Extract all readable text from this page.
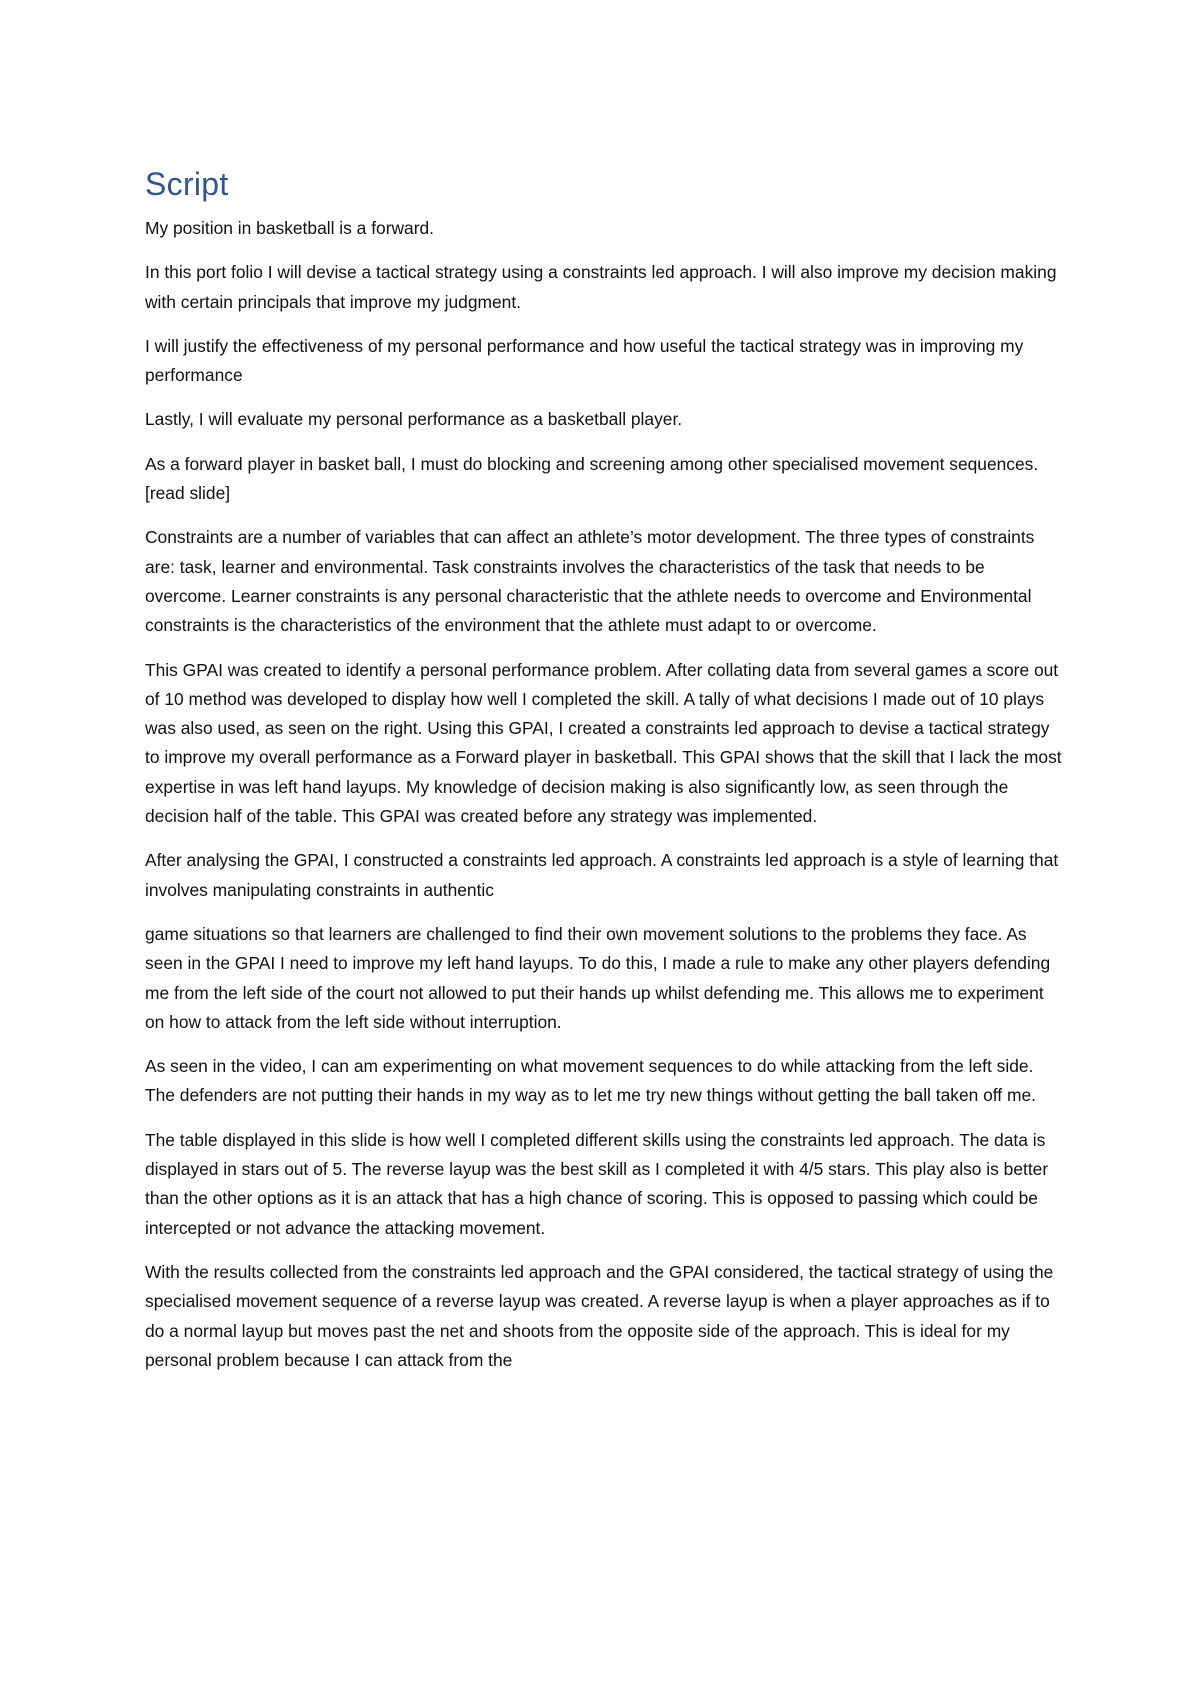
Script

My position in basketball is a forward.

In this port folio I will devise a tactical strategy using a constraints led approach. I will also improve my decision making with certain principals that improve my judgment.

I will justify the effectiveness of my personal performance and how useful the tactical strategy was in improving my performance

Lastly, I will evaluate my personal performance as a basketball player.

As a forward player in basket ball, I must do blocking and screening among other specialised movement sequences. [read slide]

Constraints are a number of variables that can affect an athlete’s motor development. The three types of constraints are: task, learner and environmental. Task constraints involves the characteristics of the task that needs to be overcome. Learner constraints is any personal characteristic that the athlete needs to overcome and Environmental constraints is the characteristics of the environment that the athlete must adapt to or overcome.

This GPAI was created to identify a personal performance problem. After collating data from several games a score out of 10 method was developed to display how well I completed the skill. A tally of what decisions I made out of 10 plays was also used, as seen on the right. Using this GPAI, I created a constraints led approach to devise a tactical strategy to improve my overall performance as a Forward player in basketball. This GPAI shows that the skill that I lack the most expertise in was left hand layups. My knowledge of decision making is also significantly low, as seen through the decision half of the table. This GPAI was created before any strategy was implemented.

After analysing the GPAI, I constructed a constraints led approach. A constraints led approach is a style of learning that involves manipulating constraints in authentic

game situations so that learners are challenged to find their own movement solutions to the problems they face. As seen in the GPAI I need to improve my left hand layups. To do this, I made a rule to make any other players defending me from the left side of the court not allowed to put their hands up whilst defending me. This allows me to experiment on how to attack from the left side without interruption.

As seen in the video, I can am experimenting on what movement sequences to do while attacking from the left side. The defenders are not putting their hands in my way as to let me try new things without getting the ball taken off me.

The table displayed in this slide is how well I completed different skills using the constraints led approach. The data is displayed in stars out of 5. The reverse layup was the best skill as I completed it with 4/5 stars. This play also is better than the other options as it is an attack that has a high chance of scoring. This is opposed to passing which could be intercepted or not advance the attacking movement.

With the results collected from the constraints led approach and the GPAI considered, the tactical strategy of using the specialised movement sequence of a reverse layup was created. A reverse layup is when a player approaches as if to do a normal layup but moves past the net and shoots from the opposite side of the approach. This is ideal for my personal problem because I can attack from the
